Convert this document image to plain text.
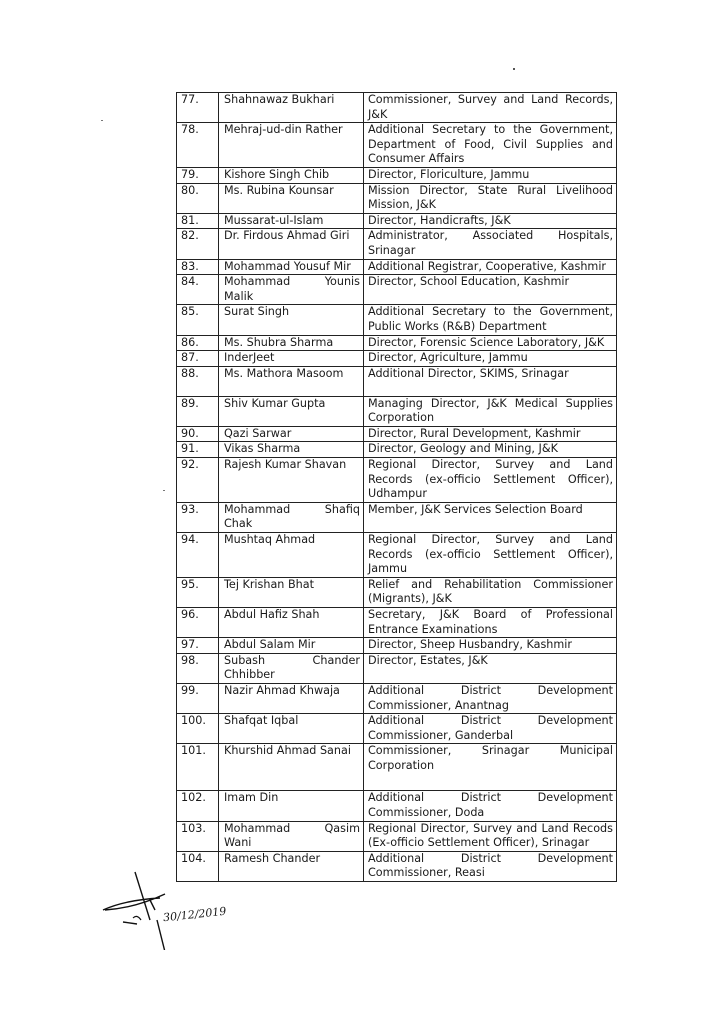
77.	Shahnawaz Bukhari	Commissioner, Survey and Land Records, J&K
78.	Mehraj-ud-din Rather	Additional Secretary to the Government, Department of Food, Civil Supplies and Consumer Affairs
79.	Kishore Singh Chib	Director, Floriculture, Jammu
80.	Ms. Rubina Kounsar	Mission Director, State Rural Livelihood Mission, J&K
81.	Mussarat-ul-Islam	Director, Handicrafts, J&K
82.	Dr. Firdous Ahmad Giri	Administrator, Associated Hospitals, Srinagar
83.	Mohammad Yousuf Mir	Additional Registrar, Cooperative, Kashmir
84.	Mohammad Younis Malik	Director, School Education, Kashmir
85.	Surat Singh	Additional Secretary to the Government, Public Works (R&B) Department
86.	Ms. Shubra Sharma	Director, Forensic Science Laboratory, J&K
87.	InderJeet	Director, Agriculture, Jammu
88.	Ms. Mathora Masoom	Additional Director, SKIMS, Srinagar
89.	Shiv Kumar Gupta	Managing Director, J&K Medical Supplies Corporation
90.	Qazi Sarwar	Director, Rural Development, Kashmir
91.	Vikas Sharma	Director, Geology and Mining, J&K
92.	Rajesh Kumar Shavan	Regional Director, Survey and Land Records (ex-officio Settlement Officer), Udhampur
93.	Mohammad Shafiq Chak	Member, J&K Services Selection Board
94.	Mushtaq Ahmad	Regional Director, Survey and Land Records (ex-officio Settlement Officer), Jammu
95.	Tej Krishan Bhat	Relief and Rehabilitation Commissioner (Migrants), J&K
96.	Abdul Hafiz Shah	Secretary, J&K Board of Professional Entrance Examinations
97.	Abdul Salam Mir	Director, Sheep Husbandry, Kashmir
98.	Subash Chander Chhibber	Director, Estates, J&K
99.	Nazir Ahmad Khwaja	Additional District Development Commissioner, Anantnag
100.	Shafqat Iqbal	Additional District Development Commissioner, Ganderbal
101.	Khurshid Ahmad Sanai	Commissioner, Srinagar Municipal Corporation
102.	Imam Din	Additional District Development Commissioner, Doda
103.	Mohammad Qasim Wani	Regional Director, Survey and Land Recods (Ex-officio Settlement Officer), Srinagar
104.	Ramesh Chander	Additional District Development Commissioner, Reasi
30/12/2019
